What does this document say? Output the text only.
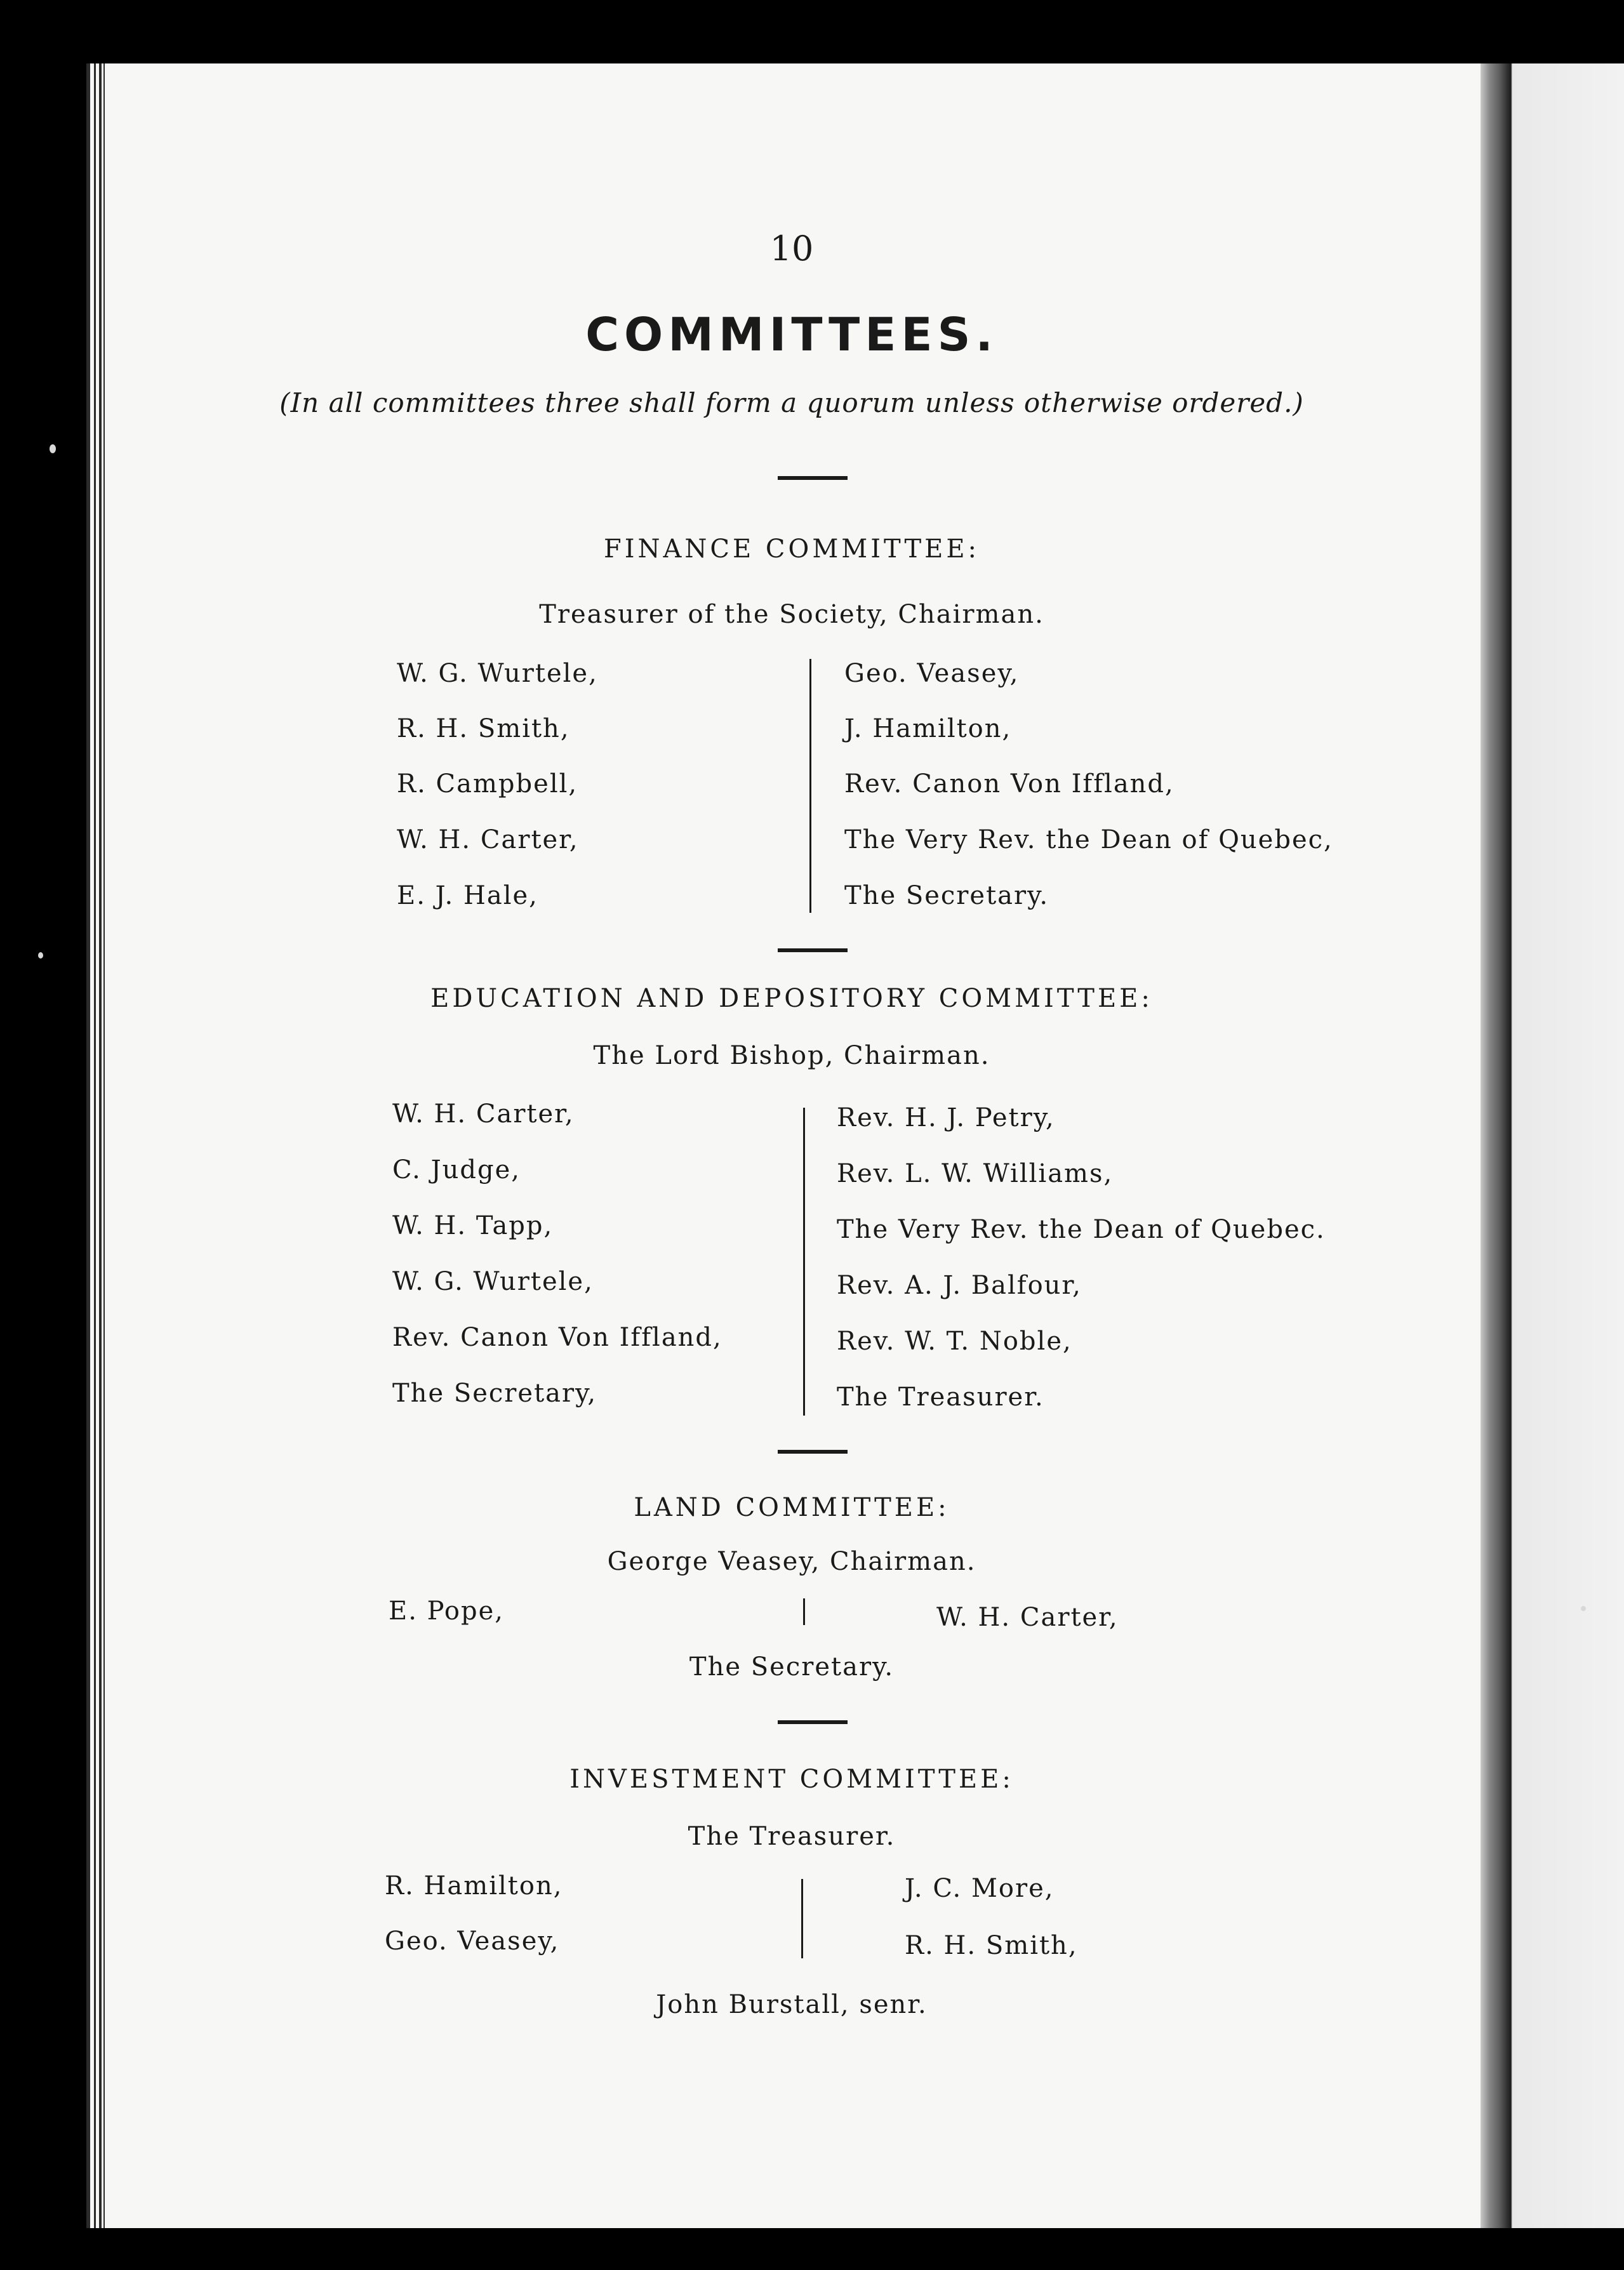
10
COMMITTEES.
(In all committees three shall form a quorum unless otherwise ordered.)
FINANCE COMMITTEE:
Treasurer of the Society, Chairman.
W. G. Wurtele,
R. H. Smith,
R. Campbell,
W. H. Carter,
E. J. Hale,
Geo. Veasey,
J. Hamilton,
Rev. Canon Von Iffland,
The Very Rev. the Dean of Quebec,
The Secretary.
EDUCATION AND DEPOSITORY COMMITTEE:
The Lord Bishop, Chairman.
W. H. Carter,
C. Judge,
W. H. Tapp,
W. G. Wurtele,
Rev. Canon Von Iffland,
The Secretary,
Rev. H. J. Petry,
Rev. L. W. Williams,
The Very Rev. the Dean of Quebec.
Rev. A. J. Balfour,
Rev. W. T. Noble,
The Treasurer.
LAND COMMITTEE:
George Veasey, Chairman.
E. Pope,	W. H. Carter,
The Secretary.
INVESTMENT COMMITTEE:
The Treasurer.
R. Hamilton,
Geo. Veasey,
J. C. More,
R. H. Smith,
John Burstall, senr.
